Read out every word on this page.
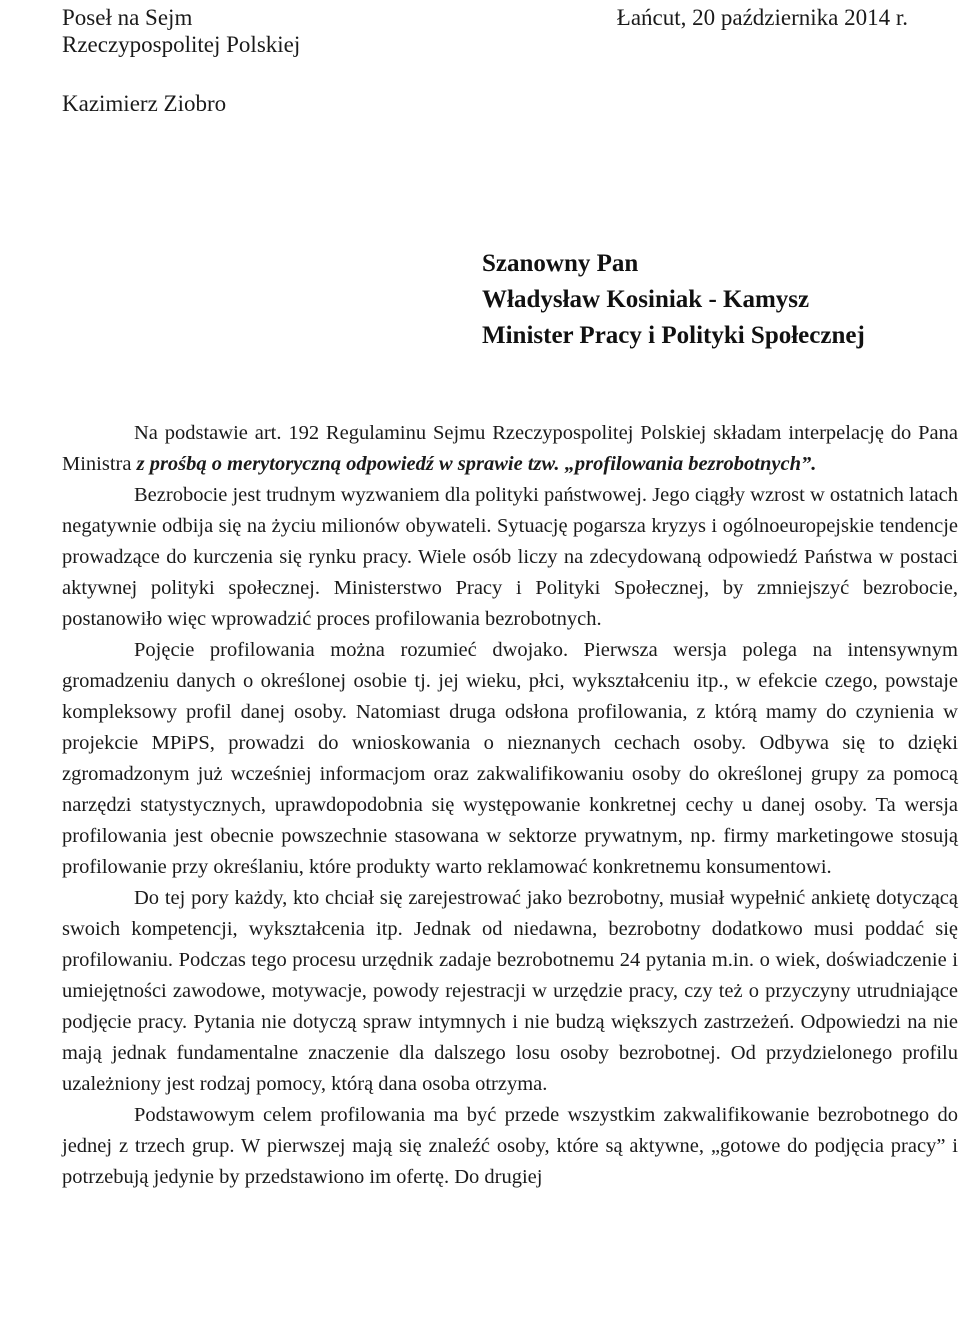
Poseł na Sejm
Rzeczypospolitej Polskiej
Łańcut, 20 października 2014 r.
Kazimierz Ziobro
Szanowny Pan
Władysław Kosiniak - Kamysz
Minister Pracy i Polityki Społecznej

Na podstawie art. 192 Regulaminu Sejmu Rzeczypospolitej Polskiej składam interpelację do Pana Ministra z prośbą o merytoryczną odpowiedź w sprawie tzw. „profilowania bezrobotnych”.

Bezrobocie jest trudnym wyzwaniem dla polityki państwowej. Jego ciągły wzrost w ostatnich latach negatywnie odbija się na życiu milionów obywateli. Sytuację pogarsza kryzys i ogólnoeuropejskie tendencje prowadzące do kurczenia się rynku pracy. Wiele osób liczy na zdecydowaną odpowiedź Państwa w postaci aktywnej polityki społecznej. Ministerstwo Pracy i Polityki Społecznej, by zmniejszyć bezrobocie, postanowiło więc wprowadzić proces profilowania bezrobotnych.

Pojęcie profilowania można rozumieć dwojako. Pierwsza wersja polega na intensywnym gromadzeniu danych o określonej osobie tj. jej wieku, płci, wykształceniu itp., w efekcie czego, powstaje kompleksowy profil danej osoby. Natomiast druga odsłona profilowania, z którą mamy do czynienia w projekcie MPiPS, prowadzi do wnioskowania o nieznanych cechach osoby. Odbywa się to dzięki zgromadzonym już wcześniej informacjom oraz zakwalifikowaniu osoby do określonej grupy za pomocą narzędzi statystycznych, uprawdopodobnia się występowanie konkretnej cechy u danej osoby. Ta wersja profilowania jest obecnie powszechnie stasowana w sektorze prywatnym, np. firmy marketingowe stosują profilowanie przy określaniu, które produkty warto reklamować konkretnemu konsumentowi.

Do tej pory każdy, kto chciał się zarejestrować jako bezrobotny, musiał wypełnić ankietę dotyczącą swoich kompetencji, wykształcenia itp. Jednak od niedawna, bezrobotny dodatkowo musi poddać się profilowaniu. Podczas tego procesu urzędnik zadaje bezrobotnemu 24 pytania m.in. o wiek, doświadczenie i umiejętności zawodowe, motywacje, powody rejestracji w urzędzie pracy, czy też o przyczyny utrudniające podjęcie pracy. Pytania nie dotyczą spraw intymnych i nie budzą większych zastrzeżeń. Odpowiedzi na nie mają jednak fundamentalne znaczenie dla dalszego losu osoby bezrobotnej. Od przydzielonego profilu uzależniony jest rodzaj pomocy, którą dana osoba otrzyma.

Podstawowym celem profilowania ma być przede wszystkim zakwalifikowanie bezrobotnego do jednej z trzech grup. W pierwszej mają się znaleźć osoby, które są aktywne, „gotowe do podjęcia pracy” i potrzebują jedynie by przedstawiono im ofertę. Do drugiej
